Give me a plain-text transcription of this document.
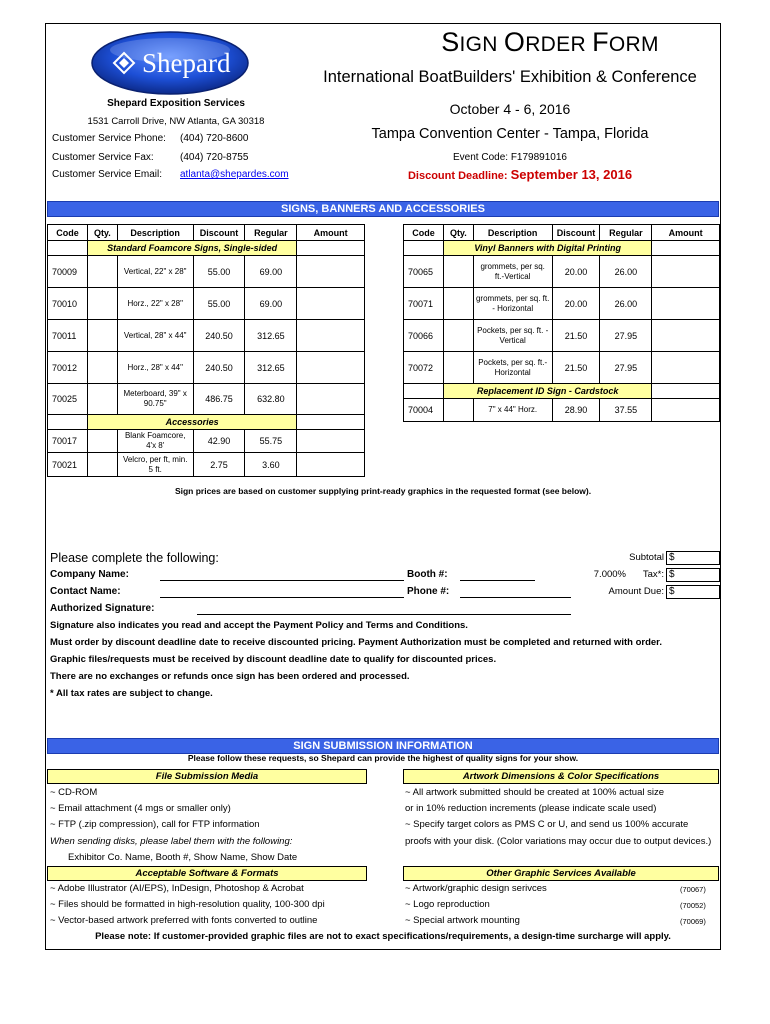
Shepard
SIGN ORDER FORM
International BoatBuilders' Exhibition & Conference
October 4 - 6, 2016
Tampa Convention Center - Tampa, Florida
Event Code: F179891016
Discount Deadline: September 13, 2016
Shepard Exposition Services
1531 Carroll Drive, NW Atlanta, GA 30318
Customer Service Phone:	(404) 720-8600
Customer Service Fax:	(404) 720-8755
Customer Service Email:	atlanta@shepardes.com
SIGNS, BANNERS AND ACCESSORIES
Code	Qty.	Description	Discount	Regular	Amount
	Standard Foamcore Signs, Single-sided				
70009		Vertical, 22" x 28"	55.00	69.00	
70010		Horz., 22" x 28"	55.00	69.00	
70011		Vertical, 28" x 44"	240.50	312.65	
70012		Horz., 28" x 44"	240.50	312.65	
70025		Meterboard, 39" x 90.75"	486.75	632.80	
	Accessories				
70017		Blank Foamcore, 4'x 8'	42.90	55.75	
70021		Velcro, per ft, min. 5 ft.	2.75	3.60	
Code	Qty.	Description	Discount	Regular	Amount
	Vinyl Banners with Digital Printing				
70065		grommets, per sq. ft.-Vertical	20.00	26.00	
70071		grommets, per sq. ft. - Horizontal	20.00	26.00	
70066		Pockets, per sq. ft. - Vertical	21.50	27.95	
70072		Pockets, per sq. ft.- Horizontal	21.50	27.95	
	Replacement ID Sign - Cardstock				
70004		7" x 44" Horz.	28.90	37.55	
Sign prices are based on customer supplying print-ready graphics in the requested format (see below).
Please complete the following:
Company Name:	Booth #:
Contact Name:	Phone #:
Authorized Signature:
Subtotal $
7.000%	Tax*: $
Amount Due: $
Signature also indicates you read and accept the Payment Policy and Terms and Conditions.
Must order by discount deadline date to receive discounted pricing. Payment Authorization must be completed and returned with order.
Graphic files/requests must be received by discount deadline date to qualify for discounted prices.
There are no exchanges or refunds once sign has been ordered and processed.
* All tax rates are subject to change.
SIGN SUBMISSION INFORMATION
Please follow these requests, so Shepard can provide the highest of quality signs for your show.
File Submission Media	Artwork Dimensions & Color Specifications
~ CD-ROM
~ Email attachment (4 mgs or smaller only)
~ FTP (.zip compression), call for FTP information
When sending disks, please label them with the following:
Exhibitor Co. Name, Booth #, Show Name, Show Date
~ All artwork submitted should be created at 100% actual size
or in 10% reduction increments (please indicate scale used)
~ Specify target colors as PMS C or U, and send us 100% accurate
proofs with your disk. (Color variations may occur due to output devices.)
Acceptable Software & Formats	Other Graphic Services Available
~ Adobe Illustrator (AI/EPS), InDesign, Photoshop & Acrobat
~ Files should be formatted in high-resolution quality, 100-300 dpi
~ Vector-based artwork preferred with fonts converted to outline
~ Artwork/graphic design serivces	(70067)
~ Logo reproduction	(70052)
~ Special artwork mounting	(70069)
Please note: If customer-provided graphic files are not to exact specifications/requirements, a design-time surcharge will apply.
